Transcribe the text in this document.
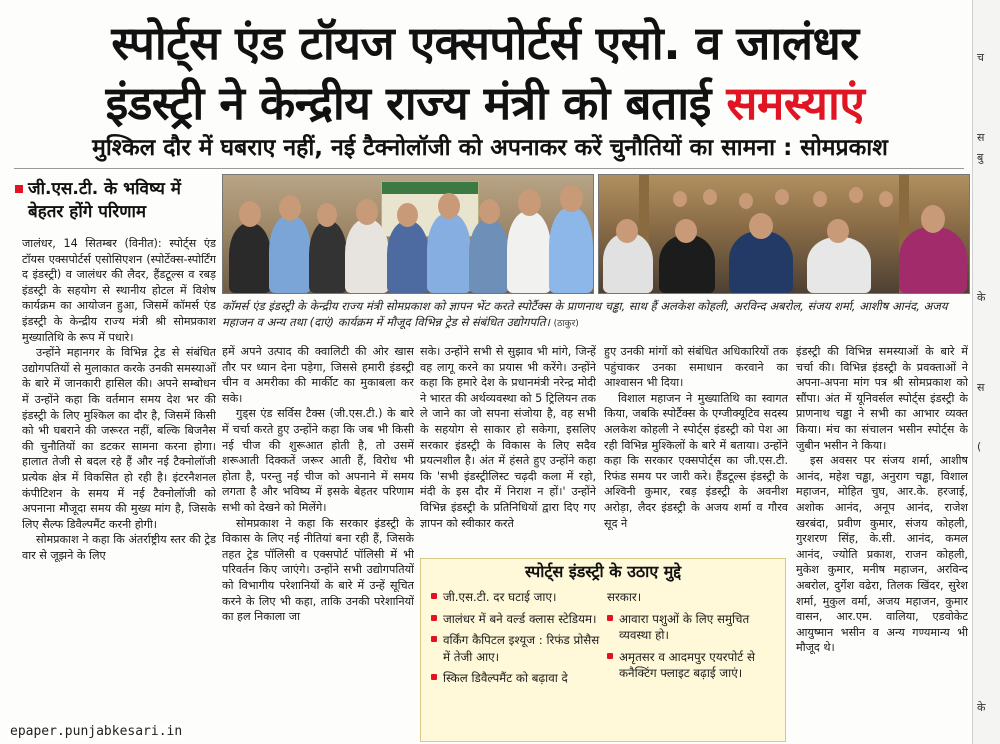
स्पोर्ट्स एंड टॉयज एक्सपोर्टर्स एसो. व जालंधर
इंडस्ट्री ने केन्द्रीय राज्य मंत्री को बताई समस्याएं
मुश्किल दौर में घबराए नहीं, नई टैक्नोलॉजी को अपनाकर करें चुनौतियों का सामना : सोमप्रकाश
जी.एस.टी. के भविष्य में बेहतर होंगे परिणाम

जालंधर, 14 सितम्बर (विनीत): स्पोर्ट्स एंड टॉयस एक्सपोर्टर्स एसोसिएशन (स्पोर्टेक्स-स्पोर्टिंग द इंडस्ट्री) व जालंधर की लैदर, हैंडटूल्स व रबड़ इंडस्ट्री के सहयोग से स्थानीय होटल में विशेष कार्यक्रम का आयोजन हुआ, जिसमें कॉमर्स एंड इंडस्ट्री के केन्द्रीय राज्य मंत्री श्री सोमप्रकाश मुख्यातिथि के रूप में पधारे।

उन्होंने महानगर के विभिन्न ट्रेड से संबंधित उद्योगपतियों से मुलाकात करके उनकी समस्याओं के बारे में जानकारी हासिल की। अपने सम्बोधन में उन्होंने कहा कि वर्तमान समय देश भर की इंडस्ट्री के लिए मुश्किल का दौर है, जिसमें किसी को भी घबराने की जरूरत नहीं, बल्कि बिजनैस की चुनौतियों का डटकर सामना करना होगा। हालात तेजी से बदल रहे हैं और नई टैक्नोलॉजी प्रत्येक क्षेत्र में विकसित हो रही है। इंटरनैशनल कंपीटिशन के समय में नई टैक्नोलॉजी को अपनाना मौजूदा समय की मुख्य मांग है, जिसके लिए सैल्फ डिवैल्पमैंट करनी होगी।

सोमप्रकाश ने कहा कि अंतर्राष्ट्रीय स्तर की ट्रेड वार से जूझने के लिए

कॉमर्स एंड इंडस्ट्री के केन्द्रीय राज्य मंत्री सोमप्रकाश को ज्ञापन भेंट करते स्पोर्टैक्स के प्राणनाथ चड्ढा, साथ हैं अलकेश कोहली, अरविन्द अबरोल, संजय शर्मा, आशीष आनंद, अजय महाजन व अन्य तथा (दाएं) कार्यक्रम में मौजूद विभिन्न ट्रेड से संबंधित उद्योगपति। (ठाकुर)

हमें अपने उत्पाद की क्वालिटी की ओर खास तौर पर ध्यान देना पड़ेगा, जिससे हमारी इंडस्ट्री चीन व अमरीका की मार्कीट का मुकाबला कर सके।

गुड्स एंड सर्विस टैक्स (जी.एस.टी.) के बारे में चर्चा करते हुए उन्होंने कहा कि जब भी किसी नई चीज की शुरूआत होती है, तो उसमें शरूआती दिक्कतें जरूर आती हैं, विरोध भी होता है, परन्तु नई चीज को अपनाने में समय लगता है और भविष्य में इसके बेहतर परिणाम सभी को देखने को मिलेंगे।

सोमप्रकाश ने कहा कि सरकार इंडस्ट्री के विकास के लिए नई नीतियां बना रही हैं, जिसके तहत ट्रेड पॉलिसी व एक्सपोर्ट पॉलिसी में भी परिवर्तन किए जाएंगे। उन्होंने सभी उद्योगपतियों को विभागीय परेशानियों के बारे में उन्हें सूचित करने के लिए भी कहा, ताकि उनकी परेशानियों का हल निकाला जा

सके। उन्होंने सभी से सुझाव भी मांगे, जिन्हें वह लागू करने का प्रयास भी करेंगे। उन्होंने कहा कि हमारे देश के प्रधानमंत्री नरेन्द्र मोदी ने भारत की अर्थव्यवस्था को 5 ट्रिलियन तक ले जाने का जो सपना संजोया है, वह सभी के सहयोग से साकार हो सकेगा, इसलिए सरकार इंडस्ट्री के विकास के लिए सदैव प्रयत्नशील है। अंत में हंसते हुए उन्होंने कहा कि 'सभी इंडस्ट्रीलिस्ट चढ़दी कला में रहो, मंदी के इस दौर में निराश न हों।' उन्होंने विभिन्न इंडस्ट्री के प्रतिनिधियों द्वारा दिए गए ज्ञापन को स्वीकार करते

हुए उनकी मांगों को संबंधित अधिकारियों तक पहुंचाकर उनका समाधान करवाने का आश्वासन भी दिया।

विशाल महाजन ने मुख्यातिथि का स्वागत किया, जबकि स्पोर्टैक्स के एग्जीक्यूटिव सदस्य अलकेश कोहली ने स्पोर्ट्स इंडस्ट्री को पेश आ रही विभिन्न मुश्किलों के बारे में बताया। उन्होंने कहा कि सरकार एक्सपोर्ट्स का जी.एस.टी. रिफंड समय पर जारी करे। हैंडटूल्स इंडस्ट्री के अश्विनी कुमार, रबड़ इंडस्ट्री के अवनीश अरोड़ा, लैदर इंडस्ट्री के अजय शर्मा व गौरव सूद ने

इंडस्ट्री की विभिन्न समस्याओं के बारे में चर्चा की। विभिन्न इंडस्ट्री के प्रवक्ताओं ने अपना-अपना मांग पत्र श्री सोमप्रकाश को सौंपा। अंत में यूनिवर्सल स्पोर्ट्स इंडस्ट्री के प्राणनाथ चड्ढा ने सभी का आभार व्यक्त किया। मंच का संचालन भसीन स्पोर्ट्स के जुबीन भसीन ने किया।

इस अवसर पर संजय शर्मा, आशीष आनंद, महेश चड्ढा, अनुराग चड्ढा, विशाल महाजन, मोहित चुघ, आर.के. हरजाई, अशोक आनंद, अनूप आनंद, राजेश खरबंदा, प्रवीण कुमार, संजय कोहली, गुरशरण सिंह, के.सी. आनंद, कमल आनंद, ज्योति प्रकाश, राजन कोहली, मुकेश कुमार, मनीष महाजन, अरविन्द अबरोल, दुर्गेश वढेरा, तिलक खिंदर, सुरेश शर्मा, मुकुल वर्मा, अजय महाजन, कुमार वासन, आर.एम. वालिया, एडवोकेट आयुष्मान भसीन व अन्य गण्यमान्य भी मौजूद थे।

स्पोर्ट्स इंडस्ट्री के उठाए मुद्दे
जी.एस.टी. दर घटाई जाए।
जालंधर में बने वर्ल्ड क्लास स्टेडियम।
वर्किंग कैपिटल इश्यूज : रिफंड प्रोसैस में तेजी आए।
स्किल डिवैल्पमैंट को बढ़ावा दे
सरकार।
आवारा पशुओं के लिए समुचित व्यवस्था हो।
अमृतसर व आदमपुर एयरपोर्ट से कनैक्टिंग फ्लाइट बढ़ाई जाएं।
epaper.punjabkesari.in
च
स
बु
के
स
(
के
